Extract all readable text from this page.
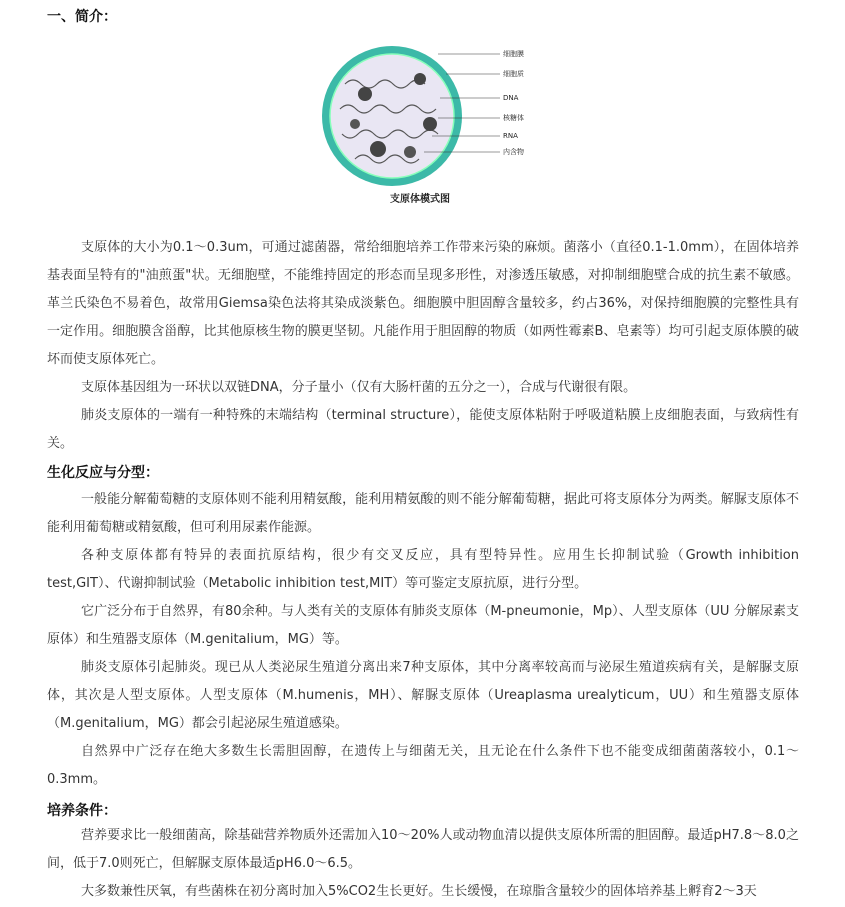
一、简介：
细胞膜
细胞质
DNA
核糖体
RNA
内含物
支原体模式图
支原体的大小为0.1～0.3um，可通过滤菌器，常给细胞培养工作带来污染的麻烦。菌落小（直径0.1-1.0mm），在固体培养基表面呈特有的"油煎蛋"状。无细胞壁，不能维持固定的形态而呈现多形性，对渗透压敏感，对抑制细胞壁合成的抗生素不敏感。革兰氏染色不易着色，故常用Giemsa染色法将其染成淡紫色。细胞膜中胆固醇含量较多，约占36%，对保持细胞膜的完整性具有一定作用。细胞膜含甾醇，比其他原核生物的膜更坚韧。凡能作用于胆固醇的物质（如两性霉素B、皂素等）均可引起支原体膜的破坏而使支原体死亡。
支原体基因组为一环状以双链DNA，分子量小（仅有大肠杆菌的五分之一），合成与代谢很有限。
肺炎支原体的一端有一种特殊的末端结构（terminal structure），能使支原体粘附于呼吸道粘膜上皮细胞表面，与致病性有关。
生化反应与分型：
一般能分解葡萄糖的支原体则不能利用精氨酸，能利用精氨酸的则不能分解葡萄糖，据此可将支原体分为两类。解脲支原体不能利用葡萄糖或精氨酸，但可利用尿素作能源。
各种支原体都有特异的表面抗原结构，很少有交叉反应，具有型特异性。应用生长抑制试验（Growth inhibition test,GIT）、代谢抑制试验（Metabolic inhibition test,MIT）等可鉴定支原抗原，进行分型。
它广泛分布于自然界，有80余种。与人类有关的支原体有肺炎支原体（M-pneumonie，Mp）、人型支原体（UU 分解尿素支原体）和生殖器支原体（M.genitalium，MG）等。
肺炎支原体引起肺炎。现已从人类泌尿生殖道分离出来7种支原体，其中分离率较高而与泌尿生殖道疾病有关，是解脲支原体，其次是人型支原体。人型支原体（M.humenis，MH）、解脲支原体（Ureaplasma urealyticum，UU）和生殖器支原体（M.genitalium，MG）都会引起泌尿生殖道感染。
自然界中广泛存在绝大多数生长需胆固醇，在遗传上与细菌无关，且无论在什么条件下也不能变成细菌菌落较小，0.1～0.3mm。
培养条件：
营养要求比一般细菌高，除基础营养物质外还需加入10～20%人或动物血清以提供支原体所需的胆固醇。最适pH7.8～8.0之间，低于7.0则死亡，但解脲支原体最适pH6.0～6.5。
大多数兼性厌氧，有些菌株在初分离时加入5%CO2生长更好。生长缓慢，在琼脂含量较少的固体培养基上孵育2～3天
